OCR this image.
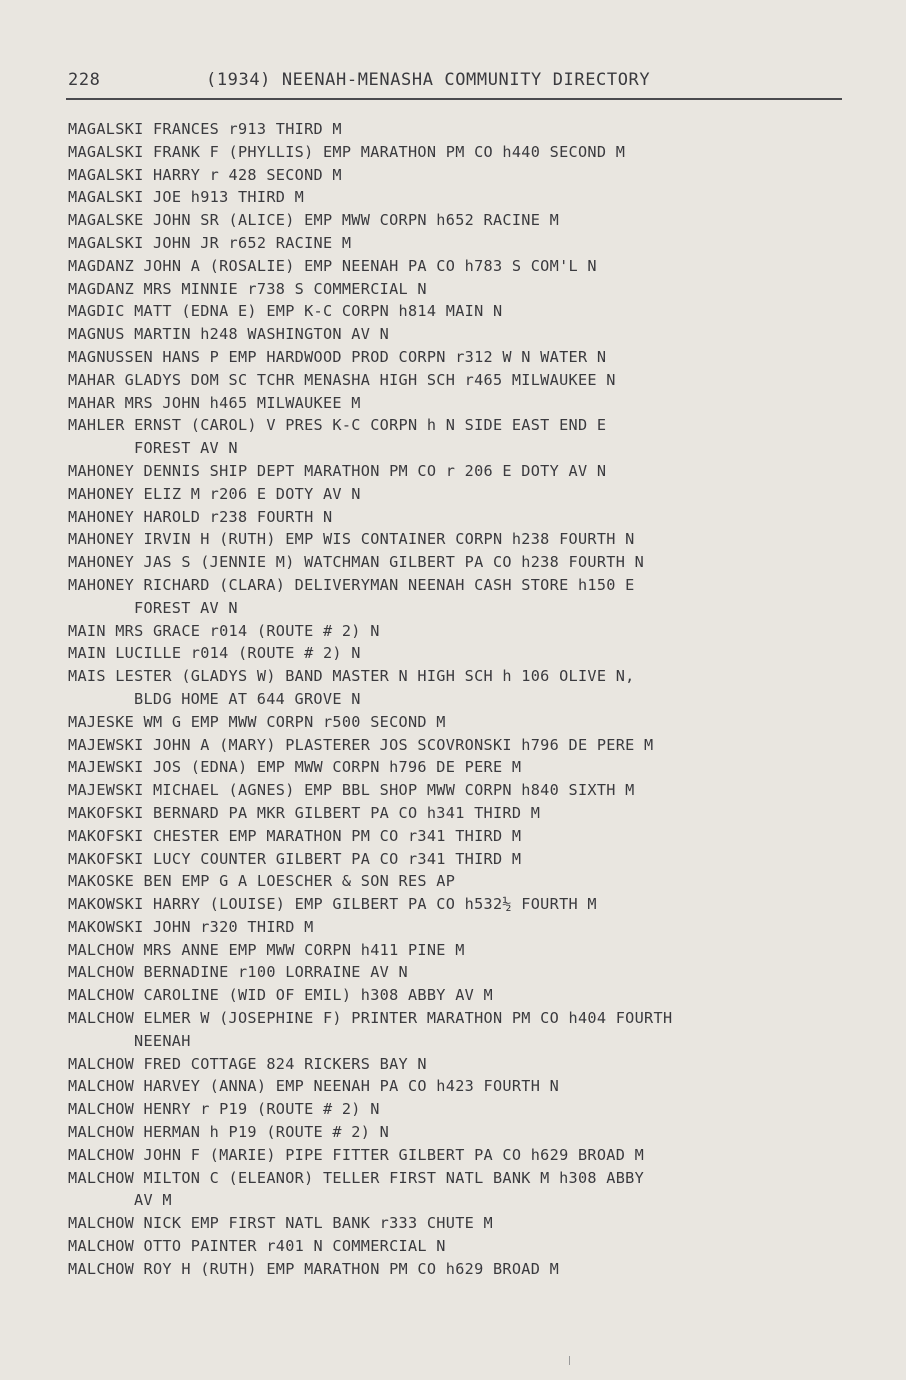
228	(1934) NEENAH-MENASHA COMMUNITY DIRECTORY
MAGALSKI FRANCES r913 THIRD M
MAGALSKI FRANK F (PHYLLIS) EMP MARATHON PM CO h440 SECOND M
MAGALSKI HARRY r 428 SECOND M
MAGALSKI JOE h913 THIRD M
MAGALSKE JOHN SR (ALICE) EMP MWW CORPN h652 RACINE M
MAGALSKI JOHN JR r652 RACINE M
MAGDANZ JOHN A (ROSALIE) EMP NEENAH PA CO h783 S COM'L N
MAGDANZ MRS MINNIE r738 S COMMERCIAL N
MAGDIC MATT (EDNA E) EMP K-C CORPN h814 MAIN N
MAGNUS MARTIN h248 WASHINGTON AV N
MAGNUSSEN HANS P EMP HARDWOOD PROD CORPN r312 W N WATER N
MAHAR GLADYS DOM SC TCHR MENASHA HIGH SCH r465 MILWAUKEE N
MAHAR MRS JOHN h465 MILWAUKEE M
MAHLER ERNST (CAROL) V PRES K-C CORPN h N SIDE EAST END E
FOREST AV N
MAHONEY DENNIS SHIP DEPT MARATHON PM CO r 206 E DOTY AV N
MAHONEY ELIZ M r206 E DOTY AV N
MAHONEY HAROLD r238 FOURTH N
MAHONEY IRVIN H (RUTH) EMP WIS CONTAINER CORPN h238 FOURTH N
MAHONEY JAS S (JENNIE M) WATCHMAN GILBERT PA CO h238 FOURTH N
MAHONEY RICHARD (CLARA) DELIVERYMAN NEENAH CASH STORE h150 E
FOREST AV N
MAIN MRS GRACE r014 (ROUTE # 2) N
MAIN LUCILLE r014 (ROUTE # 2) N
MAIS LESTER (GLADYS W) BAND MASTER N HIGH SCH h 106 OLIVE N,
BLDG HOME AT 644 GROVE N
MAJESKE WM G EMP MWW CORPN r500 SECOND M
MAJEWSKI JOHN A (MARY) PLASTERER JOS SCOVRONSKI h796 DE PERE M
MAJEWSKI JOS (EDNA) EMP MWW CORPN h796 DE PERE M
MAJEWSKI MICHAEL (AGNES) EMP BBL SHOP MWW CORPN h840 SIXTH M
MAKOFSKI BERNARD PA MKR GILBERT PA CO h341 THIRD M
MAKOFSKI CHESTER EMP MARATHON PM CO r341 THIRD M
MAKOFSKI LUCY COUNTER GILBERT PA CO r341 THIRD M
MAKOSKE BEN EMP G A LOESCHER & SON RES AP
MAKOWSKI HARRY (LOUISE) EMP GILBERT PA CO h532½ FOURTH M
MAKOWSKI JOHN r320 THIRD M
MALCHOW MRS ANNE EMP MWW CORPN h411 PINE M
MALCHOW BERNADINE r100 LORRAINE AV N
MALCHOW CAROLINE (WID OF EMIL) h308 ABBY AV M
MALCHOW ELMER W (JOSEPHINE F) PRINTER MARATHON PM CO h404 FOURTH
NEENAH
MALCHOW FRED COTTAGE 824 RICKERS BAY N
MALCHOW HARVEY (ANNA) EMP NEENAH PA CO h423 FOURTH N
MALCHOW HENRY r P19 (ROUTE # 2) N
MALCHOW HERMAN h P19 (ROUTE # 2) N
MALCHOW JOHN F (MARIE) PIPE FITTER GILBERT PA CO h629 BROAD M
MALCHOW MILTON C (ELEANOR) TELLER FIRST NATL BANK M h308 ABBY
AV M
MALCHOW NICK EMP FIRST NATL BANK r333 CHUTE M
MALCHOW OTTO PAINTER r401 N COMMERCIAL N
MALCHOW ROY H (RUTH) EMP MARATHON PM CO h629 BROAD M
